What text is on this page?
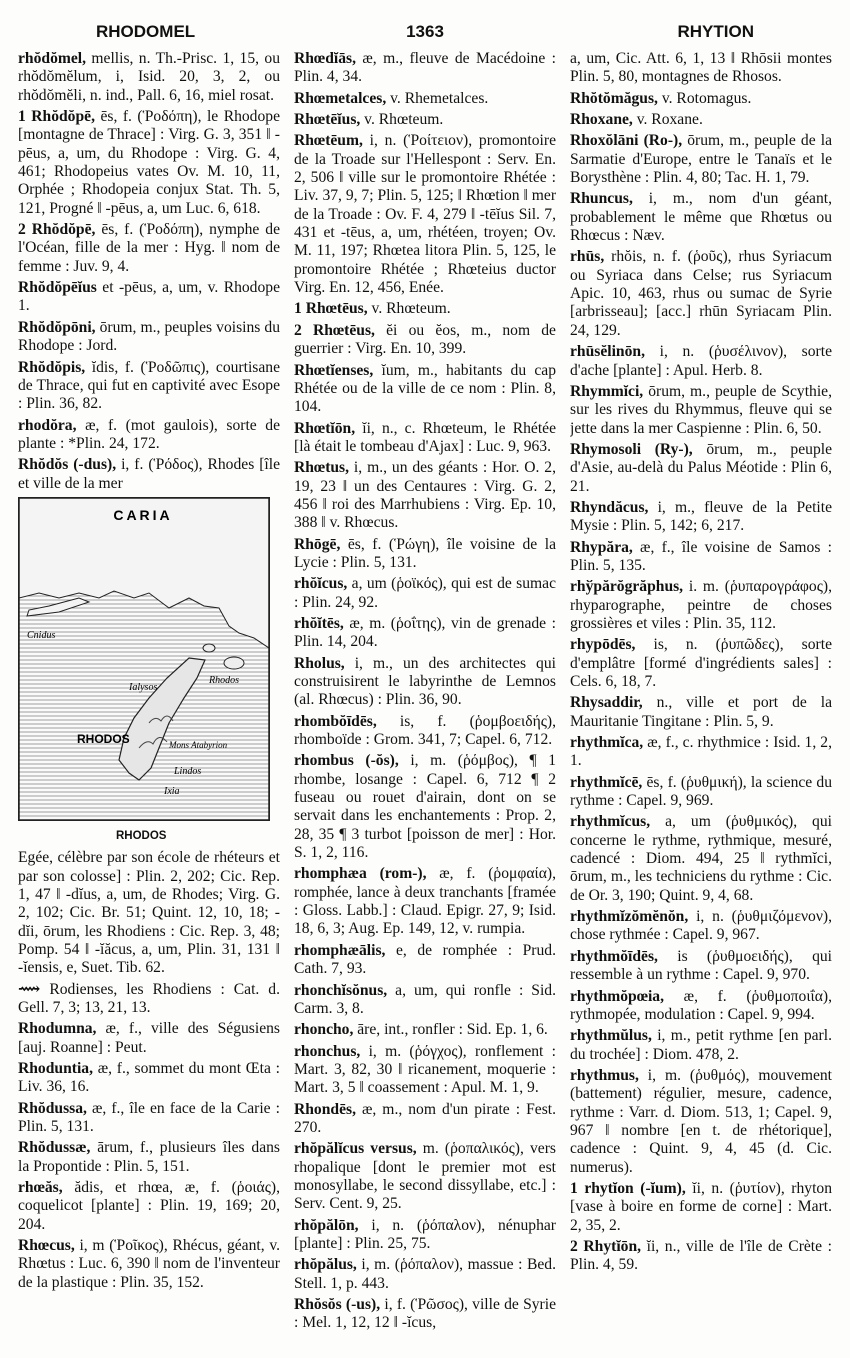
RHODOMEL	1363	RHYTION

rhŏdŏmel, mellis, n. Th.-Prisc. 1, 15, ou rhŏdŏmĕlum, i, Isid. 20, 3, 2, ou rhŏdŏmĕli, n. ind., Pall. 6, 16, miel rosat.

1 Rhŏdŏpē, ēs, f. (Ῥοδόπη), le Rhodope [montagne de Thrace] : Virg. G. 3, 351 ‖ -pēus, a, um, du Rhodope : Virg. G. 4, 461; Rhodopeius vates Ov. M. 10, 11, Orphée ; Rhodopeia conjux Stat. Th. 5, 121, Progné ‖ -pēus, a, um Luc. 6, 618.

2 Rhŏdŏpē, ēs, f. (Ῥοδόπη), nymphe de l'Océan, fille de la mer : Hyg. ‖ nom de femme : Juv. 9, 4.

Rhŏdŏpēĭus et -pēus, a, um, v. Rhodope 1.

Rhŏdŏpōni, ōrum, m., peuples voisins du Rhodope : Jord.

Rhŏdŏpis, ĭdis, f. (Ῥοδῶπις), courtisane de Thrace, qui fut en captivité avec Esope : Plin. 36, 82.

rhodŏra, æ, f. (mot gaulois), sorte de plante : *Plin. 24, 172.

Rhŏdŏs (-dus), i, f. (Ῥόδος), Rhodes [île et ville de la mer

CARIA
Cnidus
Ialysos
Rhodos
RHODOS	Mons Atabyrion
Lindos
Ixia
RHODOS

Egée, célèbre par son école de rhéteurs et par son colosse] : Plin. 2, 202; Cic. Rep. 1, 47 ‖ -dĭus, a, um, de Rhodes; Virg. G. 2, 102; Cic. Br. 51; Quint. 12, 10, 18; -dĭi, ōrum, les Rhodiens : Cic. Rep. 3, 48; Pomp. 54 ‖ -ĭăcus, a, um, Plin. 31, 131 ‖ -ĭensis, e, Suet. Tib. 62.

⟿ Rodienses, les Rhodiens : Cat. d. Gell. 7, 3; 13, 21, 13.

Rhodumna, æ, f., ville des Ségusiens [auj. Roanne] : Peut.

Rhoduntia, æ, f., sommet du mont Œta : Liv. 36, 16.

Rhŏdussa, æ, f., île en face de la Carie : Plin. 5, 131.

Rhŏdussæ, ārum, f., plusieurs îles dans la Propontide : Plin. 5, 151.

rhœăs, ădis, et rhœa, æ, f. (ῥοιάς), coquelicot [plante] : Plin. 19, 169; 20, 204.

Rhœcus, i, m (Ῥοῖκος), Rhécus, géant, v. Rhœtus : Luc. 6, 390 ‖ nom de l'inventeur de la plastique : Plin. 35, 152.

Rhœdĭās, æ, m., fleuve de Macédoine : Plin. 4, 34.

Rhœmetalces, v. Rhemetalces.

Rhœtēĭus, v. Rhœteum.

Rhœtēum, i, n. (Ῥοίτειον), promontoire de la Troade sur l'Hellespont : Serv. En. 2, 506 ‖ ville sur le promontoire Rhétée : Liv. 37, 9, 7; Plin. 5, 125; ‖ Rhœtion ‖ mer de la Troade : Ov. F. 4, 279 ‖ -tēĭus Sil. 7, 431 et -tēus, a, um, rhétéen, troyen; Ov. M. 11, 197; Rhœtea litora Plin. 5, 125, le promontoire Rhétée ; Rhœteius ductor Virg. En. 12, 456, Enée.

1 Rhœtēus, v. Rhœteum.

2 Rhœtēus, ĕi ou ĕos, m., nom de guerrier : Virg. En. 10, 399.

Rhœtĭenses, ĭum, m., habitants du cap Rhétée ou de la ville de ce nom : Plin. 8, 104.

Rhœtĭōn, ĭi, n., c. Rhœteum, le Rhétée [là était le tombeau d'Ajax] : Luc. 9, 963.

Rhœtus, i, m., un des géants : Hor. O. 2, 19, 23 ‖ un des Centaures : Virg. G. 2, 456 ‖ roi des Marrhubiens : Virg. Ep. 10, 388 ‖ v. Rhœcus.

Rhōgē, ēs, f. (Ῥώγη), île voisine de la Lycie : Plin. 5, 131.

rhŏĭcus, a, um (ῥοϊκός), qui est de sumac : Plin. 24, 92.

rhŏĭtēs, æ, m. (ῥοΐτης), vin de grenade : Plin. 14, 204.

Rholus, i, m., un des architectes qui construisirent le labyrinthe de Lemnos (al. Rhœcus) : Plin. 36, 90.

rhombŏīdēs, is, f. (ῥομβοειδής), rhomboïde : Grom. 341, 7; Capel. 6, 712.

rhombus (-ŏs), i, m. (ῥόμβος), ¶ 1 rhombe, losange : Capel. 6, 712 ¶ 2 fuseau ou rouet d'airain, dont on se servait dans les enchantements : Prop. 2, 28, 35 ¶ 3 turbot [poisson de mer] : Hor. S. 1, 2, 116.

rhomphæa (rom-), æ, f. (ῥομφαία), romphée, lance à deux tranchants [framée : Gloss. Labb.] : Claud. Epigr. 27, 9; Isid. 18, 6, 3; Aug. Ep. 149, 12, v. rumpia.

rhomphæālis, e, de romphée : Prud. Cath. 7, 93.

rhonchĭsŏnus, a, um, qui ronfle : Sid. Carm. 3, 8.

rhoncho, āre, int., ronfler : Sid. Ep. 1, 6.

rhonchus, i, m. (ῥόγχος), ronflement : Mart. 3, 82, 30 ‖ ricanement, moquerie : Mart. 3, 5 ‖ coassement : Apul. M. 1, 9.

Rhondēs, æ, m., nom d'un pirate : Fest. 270.

rhŏpălĭcus versus, m. (ῥοπαλικός), vers rhopalique [dont le premier mot est monosyllabe, le second dissyllabe, etc.] : Serv. Cent. 9, 25.

rhŏpălōn, i, n. (ῥόπαλον), nénuphar [plante] : Plin. 25, 75.

rhŏpălus, i, m. (ῥόπαλον), massue : Bed. Stell. 1, p. 443.

Rhŏsŏs (-us), i, f. (Ῥῶσος), ville de Syrie : Mel. 1, 12, 12 ‖ -ĭcus,

a, um, Cic. Att. 6, 1, 13 ‖ Rhōsii montes Plin. 5, 80, montagnes de Rhosos.

Rhŏtŏmăgus, v. Rotomagus.

Rhoxane, v. Roxane.

Rhoxŏlāni (Ro-), ōrum, m., peuple de la Sarmatie d'Europe, entre le Tanaïs et le Borysthène : Plin. 4, 80; Tac. H. 1, 79.

Rhuncus, i, m., nom d'un géant, probablement le même que Rhœtus ou Rhœcus : Næv.

rhūs, rhŏis, n. f. (ῥοῦς), rhus Syriacum ou Syriaca dans Celse; rus Syriacum Apic. 10, 463, rhus ou sumac de Syrie [arbrisseau]; [acc.] rhūn Syriacam Plin. 24, 129.

rhūsĕlinōn, i, n. (ῥυσέλινον), sorte d'ache [plante] : Apul. Herb. 8.

Rhymmĭci, ōrum, m., peuple de Scythie, sur les rives du Rhymmus, fleuve qui se jette dans la mer Caspienne : Plin. 6, 50.

Rhymosoli (Ry-), ōrum, m., peuple d'Asie, au-delà du Palus Méotide : Plin 6, 21.

Rhyndăcus, i, m., fleuve de la Petite Mysie : Plin. 5, 142; 6, 217.

Rhypăra, æ, f., île voisine de Samos : Plin. 5, 135.

rhўpărŏgrăphus, i. m. (ῥυπαρογράφος), rhyparographe, peintre de choses grossières et viles : Plin. 35, 112.

rhypōdēs, is, n. (ῥυπῶδες), sorte d'emplâtre [formé d'ingrédients sales] : Cels. 6, 18, 7.

Rhysaddir, n., ville et port de la Mauritanie Tingitane : Plin. 5, 9.

rhythmĭca, æ, f., c. rhythmice : Isid. 1, 2, 1.

rhythmĭcē, ēs, f. (ῥυθμική), la science du rythme : Capel. 9, 969.

rhythmĭcus, a, um (ῥυθμικός), qui concerne le rythme, rythmique, mesuré, cadencé : Diom. 494, 25 ‖ rythmĭci, ōrum, m., les techniciens du rythme : Cic. de Or. 3, 190; Quint. 9, 4, 68.

rhythmĭzŏmĕnŏn, i, n. (ῥυθμιζόμενον), chose rythmée : Capel. 9, 967.

rhythmŏīdēs, is (ῥυθμοειδής), qui ressemble à un rythme : Capel. 9, 970.

rhythmŏpœia, æ, f. (ῥυθμοποιΐα), rythmopée, modulation : Capel. 9, 994.

rhythmŭlus, i, m., petit rythme [en parl. du trochée] : Diom. 478, 2.

rhythmus, i, m. (ῥυθμός), mouvement (battement) régulier, mesure, cadence, rythme : Varr. d. Diom. 513, 1; Capel. 9, 967 ‖ nombre [en t. de rhétorique], cadence : Quint. 9, 4, 45 (d. Cic. numerus).

1 rhytĭon (-ĭum), ĭi, n. (ῥυτίον), rhyton [vase à boire en forme de corne] : Mart. 2, 35, 2.

2 Rhytĭōn, ĭi, n., ville de l'île de Crète : Plin. 4, 59.
